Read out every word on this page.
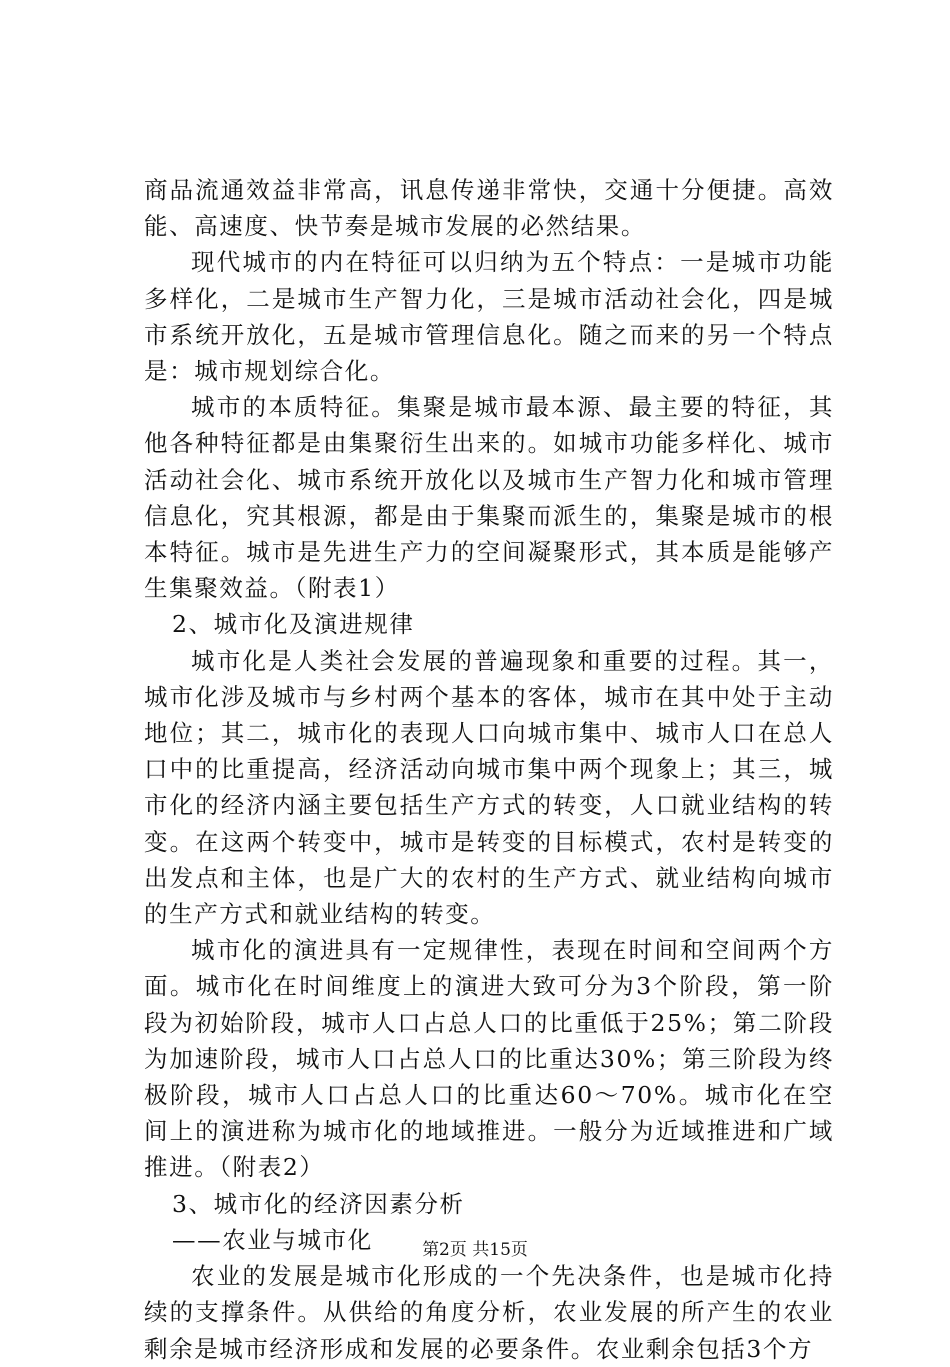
商品流通效益非常高，讯息传递非常快，交通十分便捷。高效能、高速度、快节奏是城市发展的必然结果。

现代城市的内在特征可以归纳为五个特点：一是城市功能多样化，二是城市生产智力化，三是城市活动社会化，四是城市系统开放化，五是城市管理信息化。随之而来的另一个特点是：城市规划综合化。

城市的本质特征。集聚是城市最本源、最主要的特征，其他各种特征都是由集聚衍生出来的。如城市功能多样化、城市活动社会化、城市系统开放化以及城市生产智力化和城市管理信息化，究其根源，都是由于集聚而派生的，集聚是城市的根本特征。城市是先进生产力的空间凝聚形式，其本质是能够产生集聚效益。（附表1）

2、城市化及演进规律

城市化是人类社会发展的普遍现象和重要的过程。其一，城市化涉及城市与乡村两个基本的客体，城市在其中处于主动地位；其二，城市化的表现人口向城市集中、城市人口在总人口中的比重提高，经济活动向城市集中两个现象上；其三，城市化的经济内涵主要包括生产方式的转变，人口就业结构的转变。在这两个转变中，城市是转变的目标模式，农村是转变的出发点和主体，也是广大的农村的生产方式、就业结构向城市的生产方式和就业结构的转变。

城市化的演进具有一定规律性，表现在时间和空间两个方面。城市化在时间维度上的演进大致可分为3个阶段，第一阶段为初始阶段，城市人口占总人口的比重低于25%；第二阶段为加速阶段，城市人口占总人口的比重达30%；第三阶段为终极阶段，城市人口占总人口的比重达60～70%。城市化在空间上的演进称为城市化的地域推进。一般分为近域推进和广域推进。（附表2）

3、城市化的经济因素分析

——农业与城市化

农业的发展是城市化形成的一个先决条件，也是城市化持续的支撑条件。从供给的角度分析，农业发展的所产生的农业剩余是城市经济形成和发展的必要条件。农业剩余包括3个方

第2页 共15页
